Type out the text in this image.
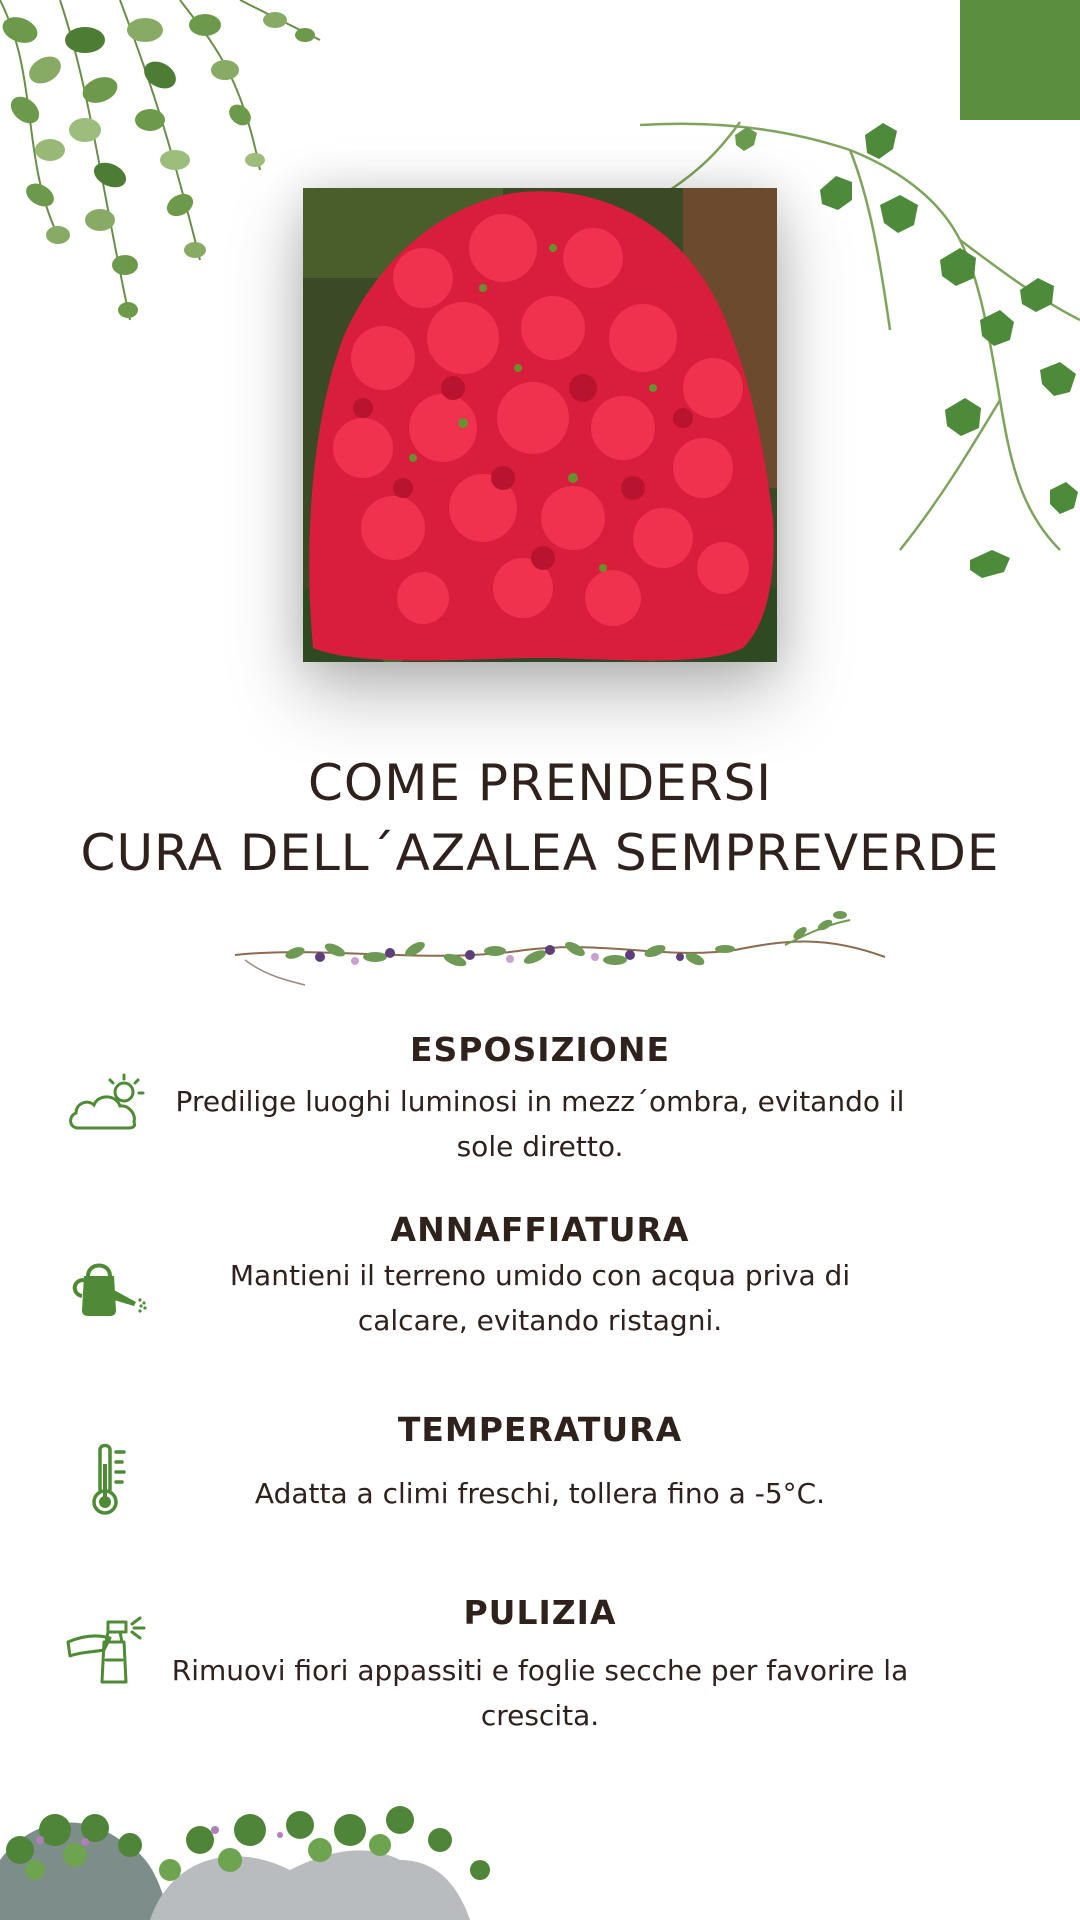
COME PRENDERSI
CURA DELL´AZALEA SEMPREVERDE
ESPOSIZIONE

Predilige luoghi luminosi in mezz´ombra, evitando il sole diretto.

ANNAFFIATURA

Mantieni il terreno umido con acqua priva di calcare, evitando ristagni.

TEMPERATURA

Adatta a climi freschi, tollera fino a -5°C.

PULIZIA

Rimuovi fiori appassiti e foglie secche per favorire la crescita.
